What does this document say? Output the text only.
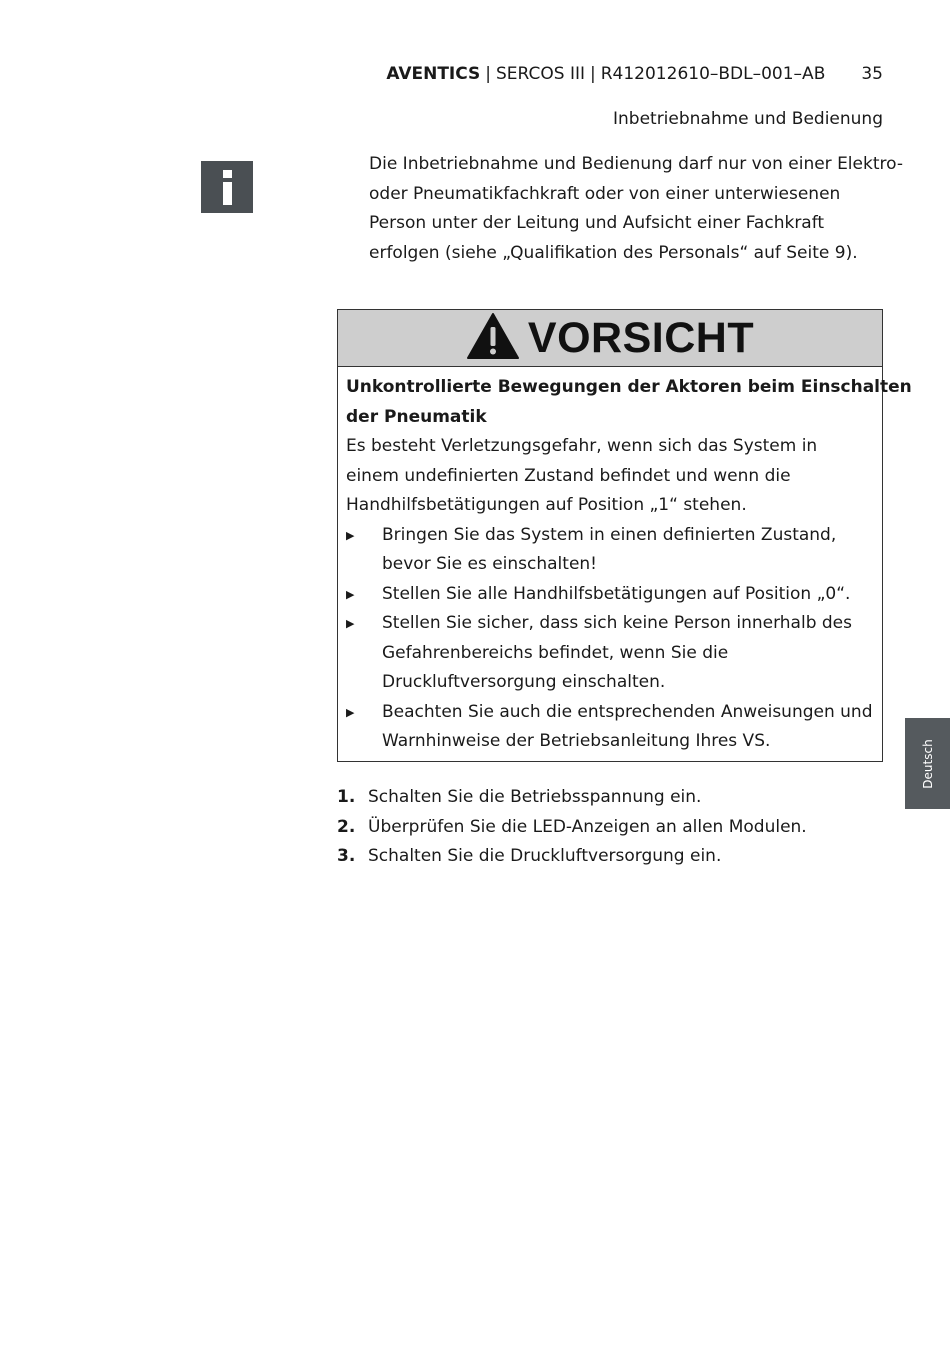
AVENTICS | SERCOS III | R412012610–BDL–001–AB 35
Inbetriebnahme und Bedienung

Die Inbetriebnahme und Bedienung darf nur von einer Elektro-
oder Pneumatikfachkraft oder von einer unterwiesenen
Person unter der Leitung und Aufsicht einer Fachkraft
erfolgen (siehe „Qualifikation des Personals“ auf Seite 9).

VORSICHT
Unkontrollierte Bewegungen der Aktoren beim Einschalten
der Pneumatik
Es besteht Verletzungsgefahr, wenn sich das System in
einem undefinierten Zustand befindet und wenn die
Handhilfsbetätigungen auf Position „1“ stehen.
▶	Bringen Sie das System in einen definierten Zustand,
bevor Sie es einschalten!
▶	Stellen Sie alle Handhilfsbetätigungen auf Position „0“.
▶	Stellen Sie sicher, dass sich keine Person innerhalb des
Gefahrenbereichs befindet, wenn Sie die
Druckluftversorgung einschalten.
▶	Beachten Sie auch die entsprechenden Anweisungen und
Warnhinweise der Betriebsanleitung Ihres VS.
1. Schalten Sie die Betriebsspannung ein.
2. Überprüfen Sie die LED-Anzeigen an allen Modulen.
3. Schalten Sie die Druckluftversorgung ein.
Deutsch
